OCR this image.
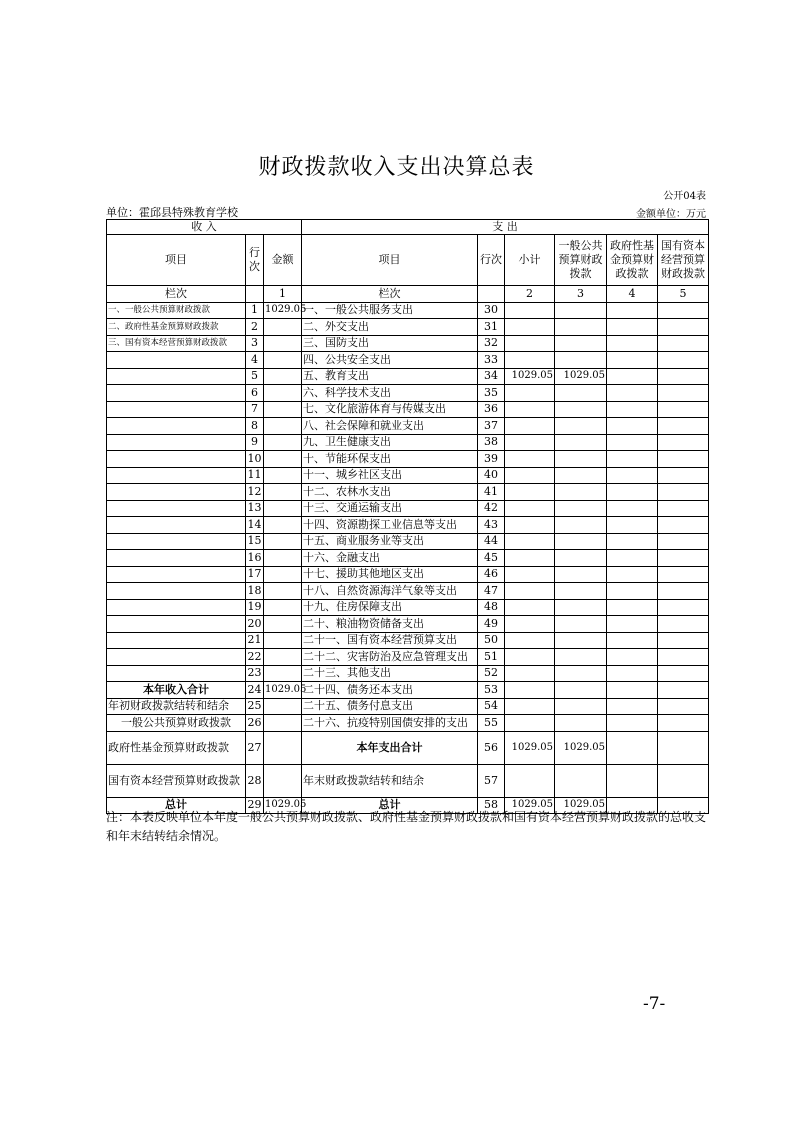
财政拨款收入支出决算总表
公开04表
单位：霍邱县特殊教育学校	金额单位：万元
收 入			支 出					
项目	行次	金额	项目	行次	小计	一般公共预算财政拨款	政府性基金预算财政拨款	国有资本经营预算财政拨款
栏次		1	栏次		2	3	4	5
一、一般公共预算财政拨款	1	1029.05	一、一般公共服务支出	30				
二、政府性基金预算财政拨款	2		二、外交支出	31				
三、国有资本经营预算财政拨款	3		三、国防支出	32				
	4		四、公共安全支出	33				
	5		五、教育支出	34	1029.05	1029.05		
	6		六、科学技术支出	35				
	7		七、文化旅游体育与传媒支出	36				
	8		八、社会保障和就业支出	37				
	9		九、卫生健康支出	38				
	10		十、节能环保支出	39				
	11		十一、城乡社区支出	40				
	12		十二、农林水支出	41				
	13		十三、交通运输支出	42				
	14		十四、资源勘探工业信息等支出	43				
	15		十五、商业服务业等支出	44				
	16		十六、金融支出	45				
	17		十七、援助其他地区支出	46				
	18		十八、自然资源海洋气象等支出	47				
	19		十九、住房保障支出	48				
	20		二十、粮油物资储备支出	49				
	21		二十一、国有资本经营预算支出	50				
	22		二十二、灾害防治及应急管理支出	51				
	23		二十三、其他支出	52				
本年收入合计	24	1029.05	二十四、债务还本支出	53				
年初财政拨款结转和结余	25		二十五、债务付息支出	54				
一般公共预算财政拨款	26		二十六、抗疫特别国债安排的支出	55				
政府性基金预算财政拨款	27		本年支出合计	56	1029.05	1029.05		
国有资本经营预算财政拨款	28		年末财政拨款结转和结余	57				
总计	29	1029.05	总计	58	1029.05	1029.05		
注：本表反映单位本年度一般公共预算财政拨款、政府性基金预算财政拨款和国有资本经营预算财政拨款的总收支和年末结转结余情况。
-7-
